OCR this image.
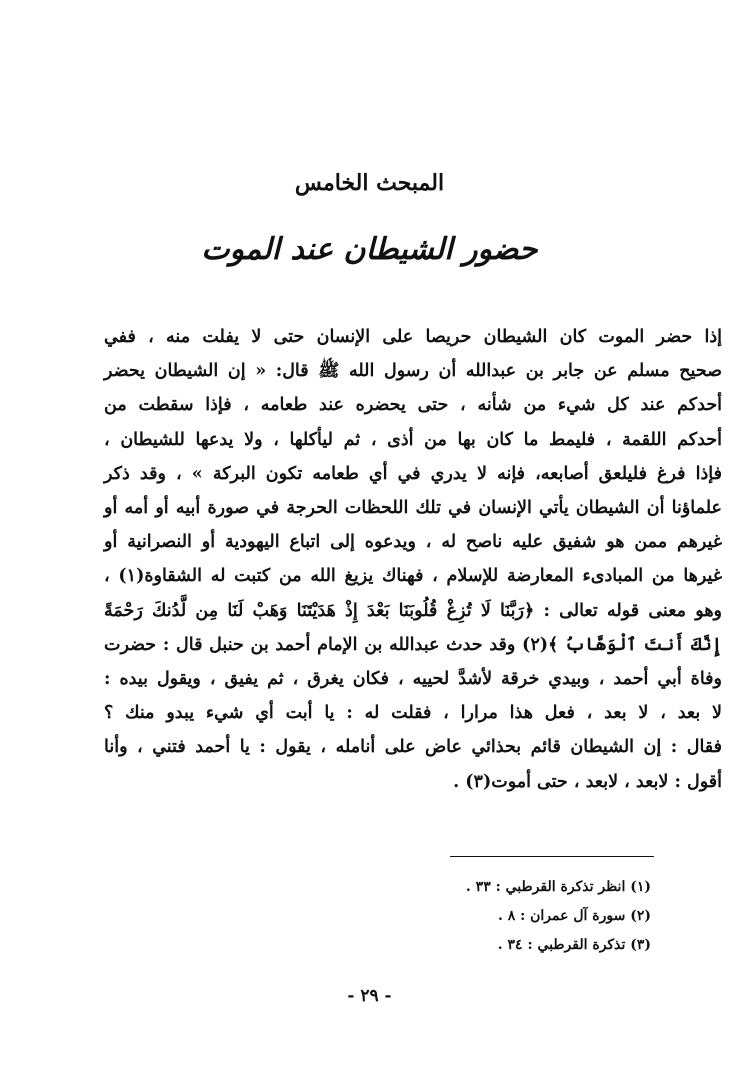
المبحث الخامس
حضور الشيطان عند الموت
إذا حضر الموت كان الشيطان حريصا على الإنسان حتى لا يفلت منه ، ففي
صحيح مسلم عن جابر بن عبدالله أن رسول الله ﷺ قال: « إن الشيطان يحضر
أحدكم عند كل شيء من شأنه ، حتى يحضره عند طعامه ، فإذا سقطت من
أحدكم اللقمة ، فليمط ما كان بها من أذى ، ثم ليأكلها ، ولا يدعها للشيطان ،
فإذا فرغ فليلعق أصابعه، فإنه لا يدري في أي طعامه تكون البركة » ، وقد ذكر
علماؤنا أن الشيطان يأتي الإنسان في تلك اللحظات الحرجة في صورة أبيه أو أمه أو
غيرهم ممن هو شفيق عليه ناصح له ، ويدعوه إلى اتباع اليهودية أو النصرانية أو
غيرها من المبادىء المعارضة للإسلام ، فهناك يزيغ الله من كتبت له الشقاوة(١) ،
وهو معنى قوله تعالى : ﴿رَبَّنَا لَا تُزِغْ قُلُوبَنَا بَعْدَ إِذْ هَدَيْتَنَا وَهَبْ لَنَا مِن لَّدُنكَ رَحْمَةً
إِنَّكَ أَنتَ ٱلْوَهَّابُ ﴾(٢) وقد حدث عبدالله بن الإمام أحمد بن حنبل قال : حضرت
وفاة أبي أحمد ، وبيدي خرقة لأشدَّ لحييه ، فكان يغرق ، ثم يفيق ، ويقول بيده :
لا بعد ، لا بعد ، فعل هذا مرارا ، فقلت له : يا أبت أي شيء يبدو منك ؟
فقال : إن الشيطان قائم بحذائي عاض على أنامله ، يقول : يا أحمد فتني ، وأنا
أقول : لابعد ، لابعد ، حتى أموت(٣) .
(١) انظر تذكرة القرطبي : ٣٣ .
(٢) سورة آل عمران : ٨ .
(٣) تذكرة القرطبي : ٣٤ .
- ٢٩ -
